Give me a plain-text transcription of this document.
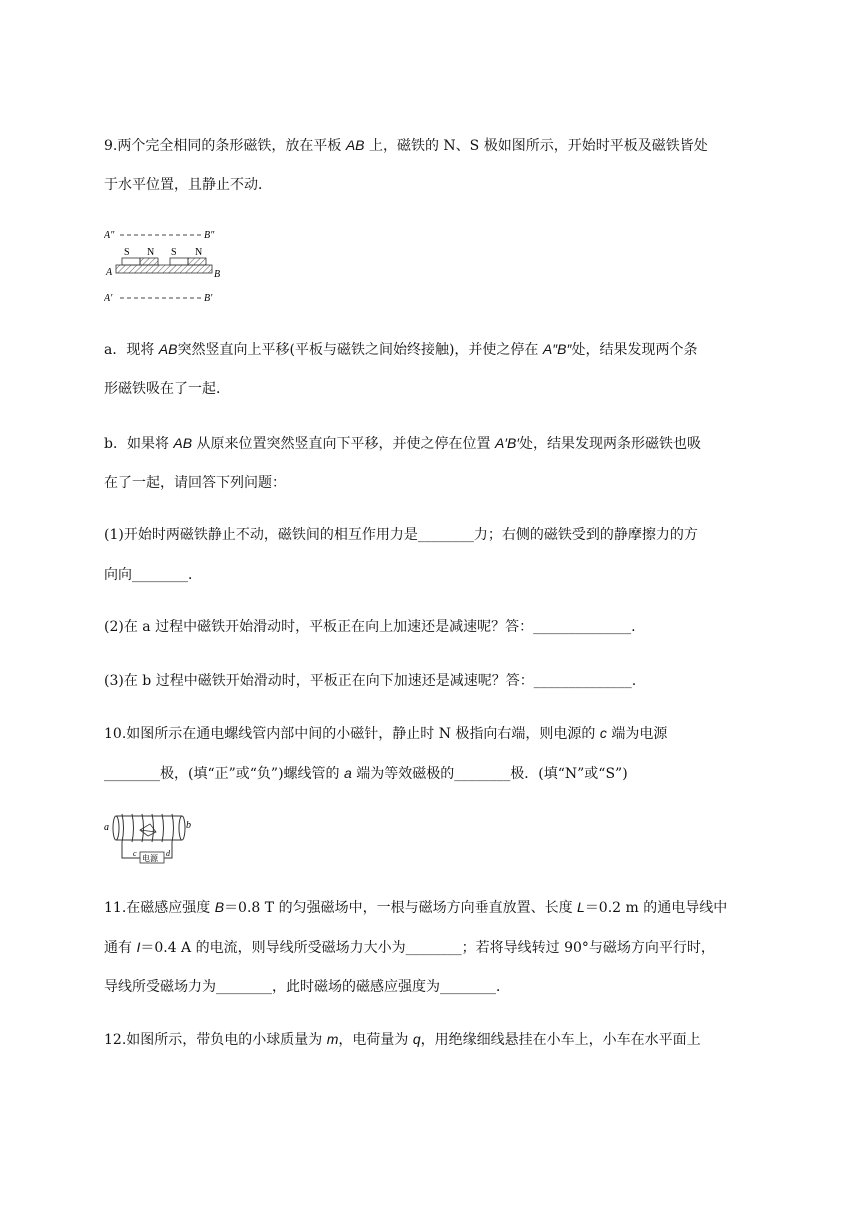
9.两个完全相同的条形磁铁，放在平板 AB 上，磁铁的 N、S 极如图所示，开始时平板及磁铁皆处
于水平位置，且静止不动．
A″	B″
S N S N
A	B
A′	B′
a．现将 AB突然竖直向上平移(平板与磁铁之间始终接触)，并使之停在 A″B″处，结果发现两个条
形磁铁吸在了一起．
b．如果将 AB 从原来位置突然竖直向下平移，并使之停在位置 A′B′处，结果发现两条形磁铁也吸
在了一起，请回答下列问题：
(1)开始时两磁铁静止不动，磁铁间的相互作用力是________力；右侧的磁铁受到的静摩擦力的方
向向________．
(2)在 a 过程中磁铁开始滑动时，平板正在向上加速还是减速呢？答：______________.
(3)在 b 过程中磁铁开始滑动时，平板正在向下加速还是减速呢？答：______________.
10.如图所示在通电螺线管内部中间的小磁针，静止时 N 极指向右端，则电源的 c 端为电源
________极，(填“正”或“负”)螺线管的 a 端为等效磁极的________极．(填“N”或“S”)
a	b
电源
c	d
11.在磁感应强度 B＝0.8 T 的匀强磁场中，一根与磁场方向垂直放置、长度 L＝0.2 m 的通电导线中
通有 I＝0.4 A 的电流，则导线所受磁场力大小为________；若将导线转过 90°与磁场方向平行时，
导线所受磁场力为________，此时磁场的磁感应强度为________．
12.如图所示，带负电的小球质量为 m，电荷量为 q，用绝缘细线悬挂在小车上，小车在水平面上
